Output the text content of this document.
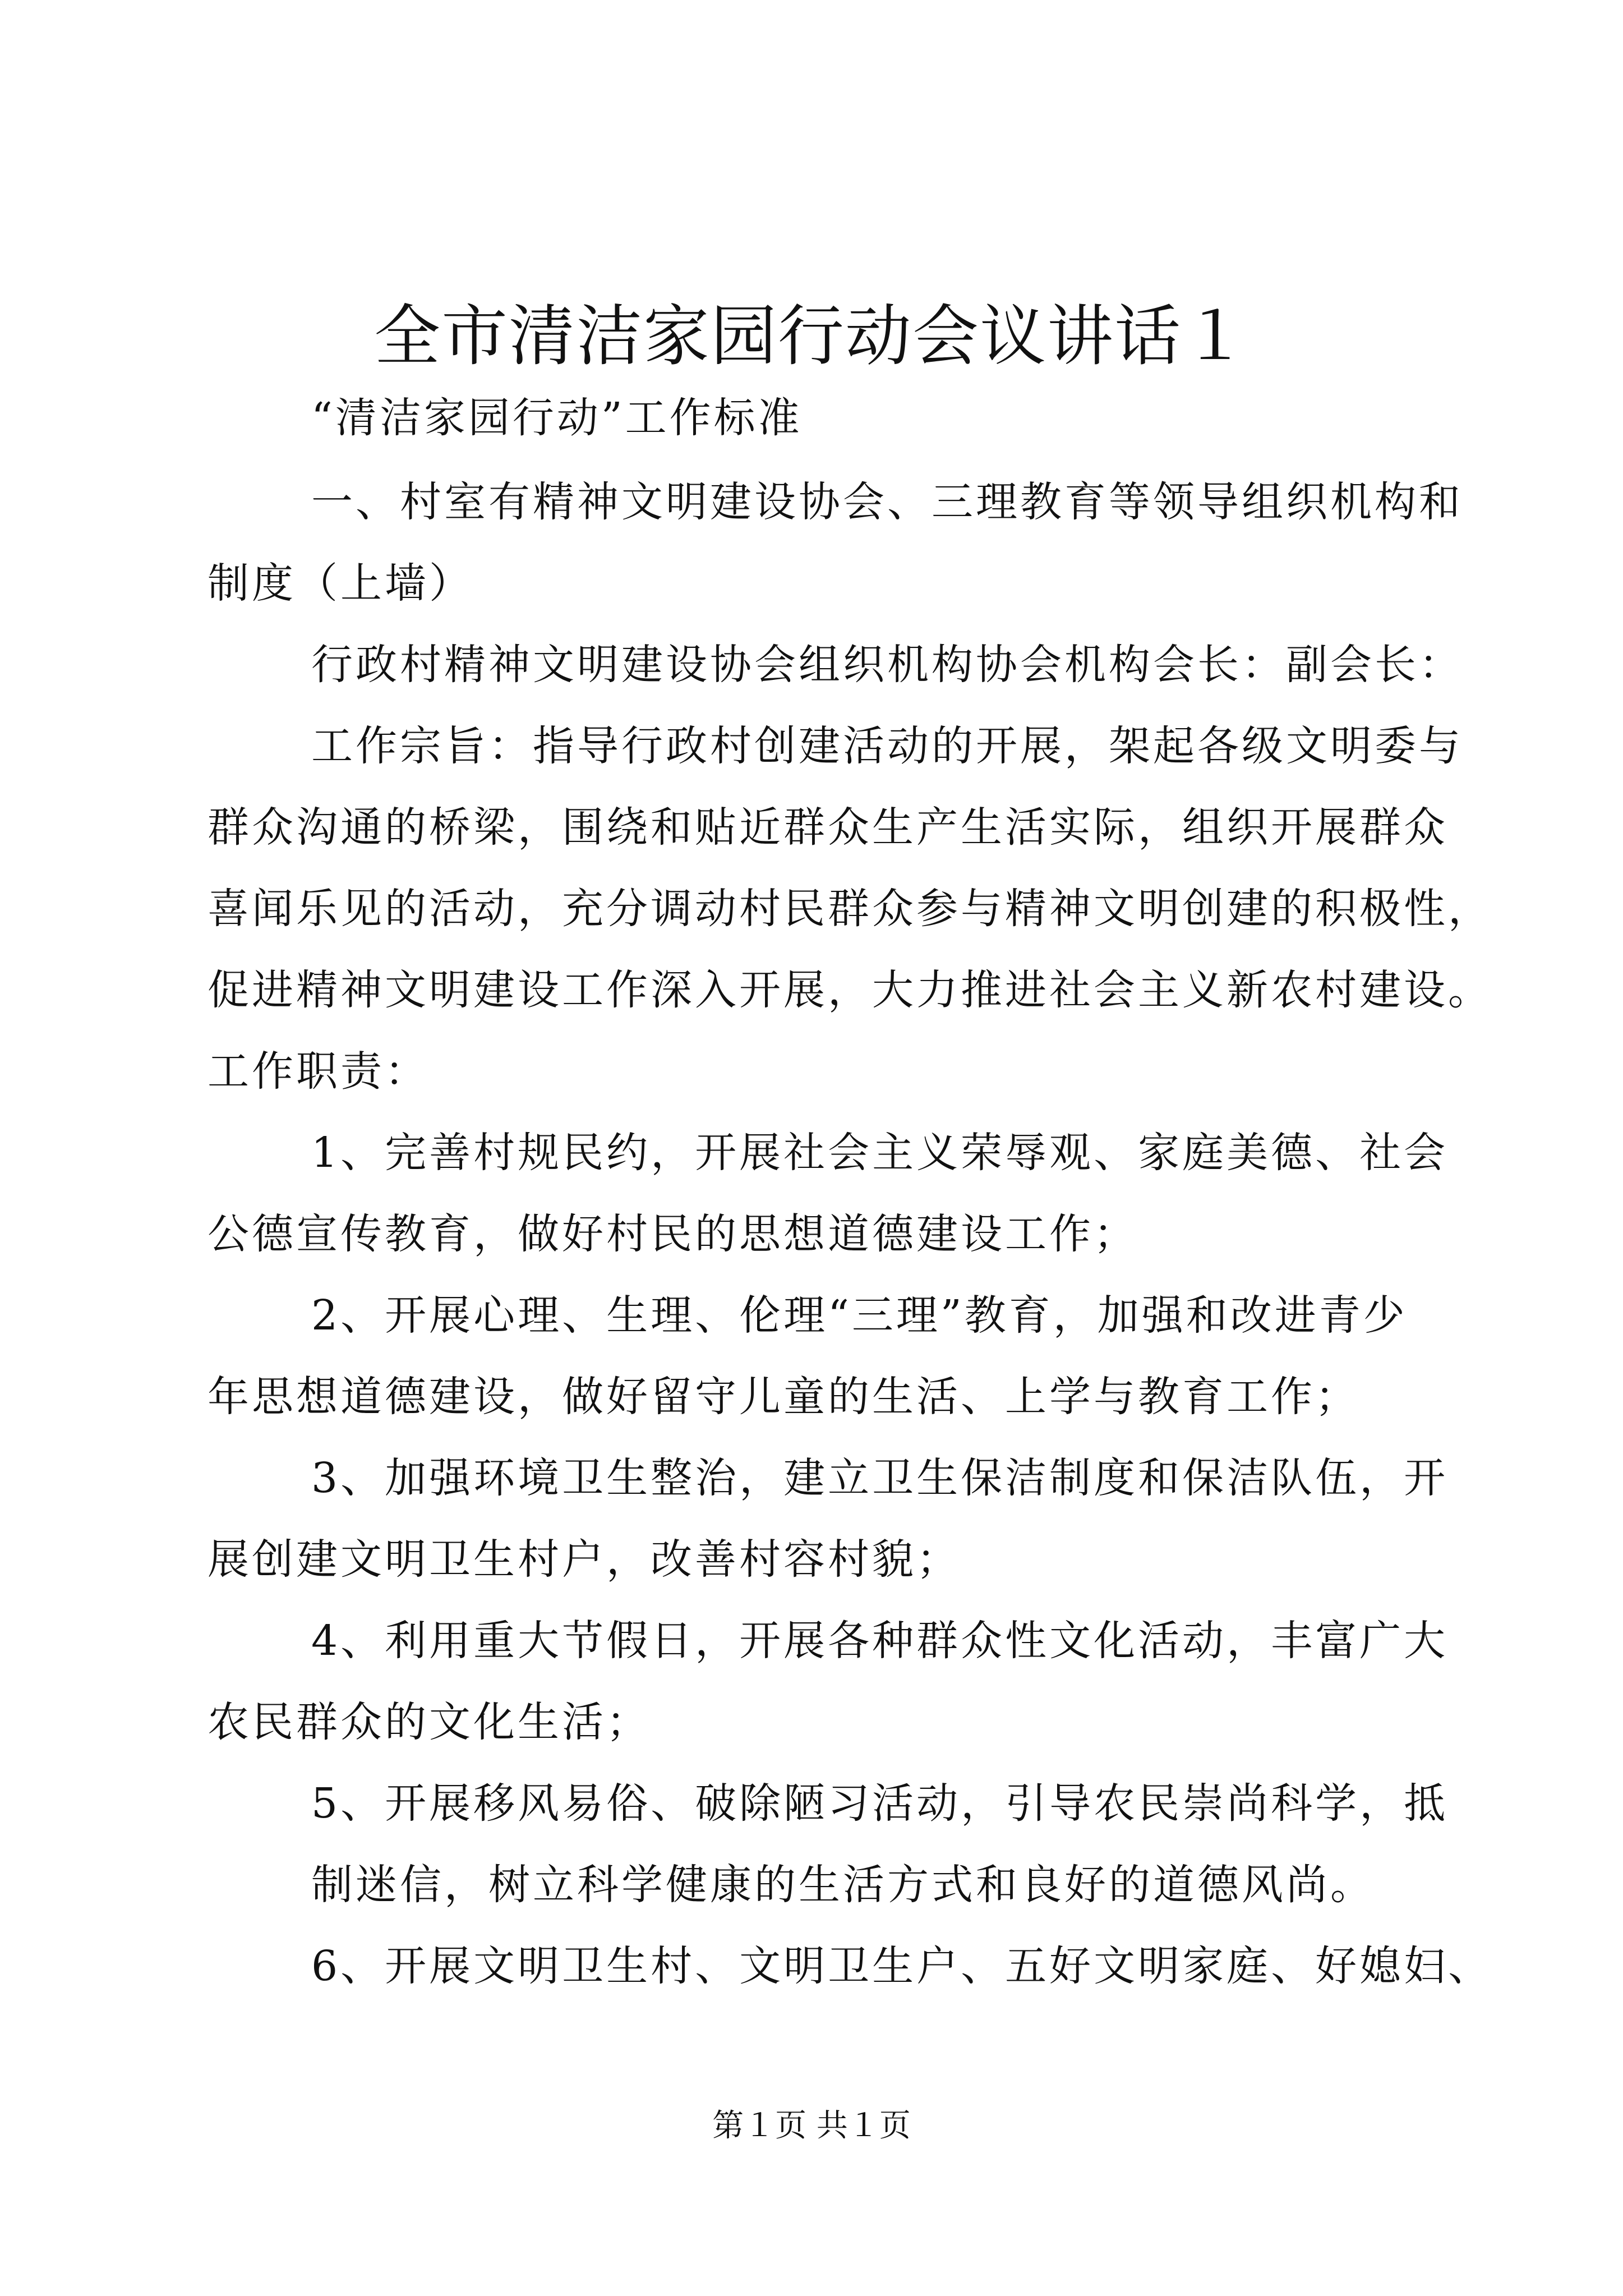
全市清洁家园行动会议讲话１
“清洁家园行动”工作标准
一、村室有精神文明建设协会、三理教育等领导组织机构和
制度（上墙）
行政村精神文明建设协会组织机构协会机构会长：副会长：
工作宗旨：指导行政村创建活动的开展，架起各级文明委与
群众沟通的桥梁，围绕和贴近群众生产生活实际，组织开展群众
喜闻乐见的活动，充分调动村民群众参与精神文明创建的积极性，
促进精神文明建设工作深入开展，大力推进社会主义新农村建设。
工作职责：
1、完善村规民约，开展社会主义荣辱观、家庭美德、社会
公德宣传教育，做好村民的思想道德建设工作；
2、开展心理、生理、伦理“三理”教育，加强和改进青少
年思想道德建设，做好留守儿童的生活、上学与教育工作；
3、加强环境卫生整治，建立卫生保洁制度和保洁队伍，开
展创建文明卫生村户，改善村容村貌；
4、利用重大节假日，开展各种群众性文化活动，丰富广大
农民群众的文化生活；
5、开展移风易俗、破除陋习活动，引导农民崇尚科学，抵
制迷信，树立科学健康的生活方式和良好的道德风尚。
6、开展文明卫生村、文明卫生户、五好文明家庭、好媳妇、
第１页 共１页
